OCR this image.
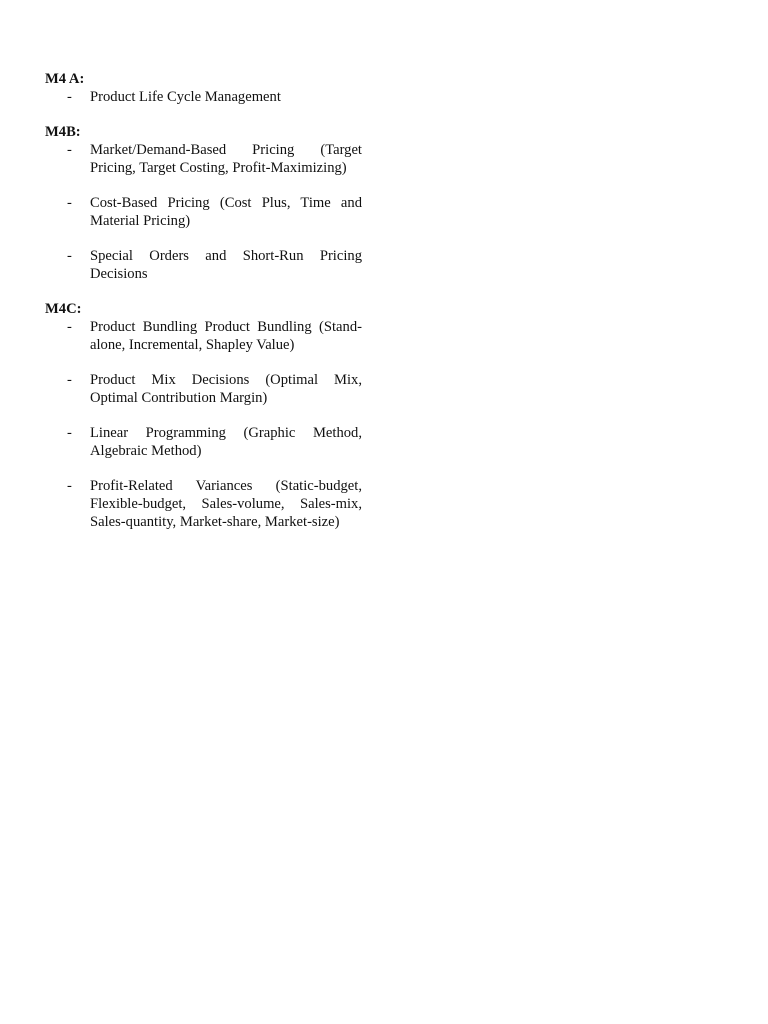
M4 A:
-	Product Life Cycle Management
M4B:
-	Market/Demand-Based Pricing (Target Pricing, Target Costing, Profit-Maximizing)
-	Cost-Based Pricing (Cost Plus, Time and Material Pricing)
-	Special Orders and Short-Run Pricing Decisions
M4C:
-	Product Bundling Product Bundling (Stand-alone, Incremental, Shapley Value)
-	Product Mix Decisions (Optimal Mix, Optimal Contribution Margin)
-	Linear Programming (Graphic Method, Algebraic Method)
-	Profit-Related Variances (Static-budget, Flexible-budget, Sales-volume, Sales-mix, Sales-quantity, Market-share, Market-size)
